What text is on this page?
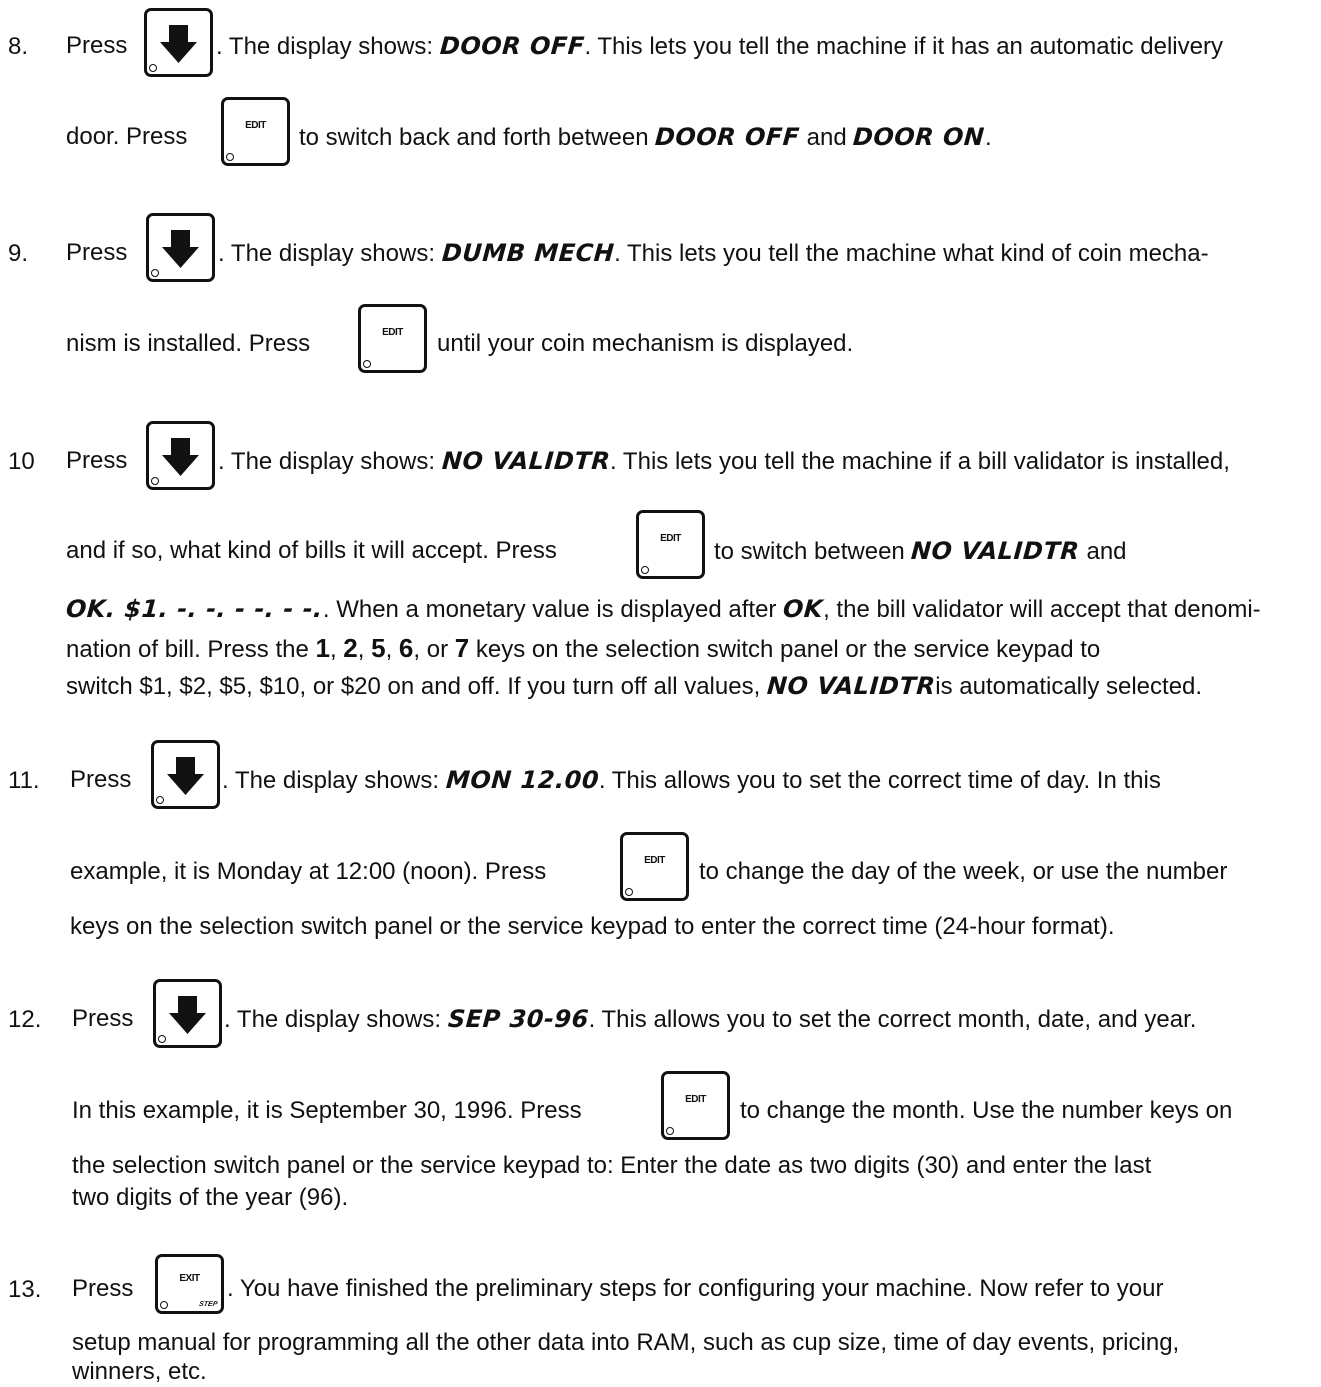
8. Press	. The display shows: DOOR OFF. This lets you tell the machine if it has an automatic delivery
door. Press	EDIT	to switch back and forth between DOOR OFF and DOOR ON.
9. Press	. The display shows: DUMB MECH. This lets you tell the machine what kind of coin mecha-
nism is installed. Press	EDIT	until your coin mechanism is displayed.
10 Press	. The display shows: NO VALIDTR. This lets you tell the machine if a bill validator is installed,
and if so, what kind of bills it will accept. Press	EDIT	to switch between NO VALIDTR and
OK. $1. -. -. - -. - -.. When a monetary value is displayed after OK, the bill validator will accept that denomi-
nation of bill. Press the 1, 2, 5, 6, or 7 keys on the selection switch panel or the service keypad to
switch $1, $2, $5, $10, or $20 on and off. If you turn off all values, NO VALIDTRis automatically selected.
11. Press	. The display shows: MON 12.00. This allows you to set the correct time of day. In this
example, it is Monday at 12:00 (noon). Press	EDIT	to change the day of the week, or use the number
keys on the selection switch panel or the service keypad to enter the correct time (24-hour format).
12. Press	. The display shows: SEP 30-96. This allows you to set the correct month, date, and year.
In this example, it is September 30, 1996. Press	EDIT	to change the month. Use the number keys on
the selection switch panel or the service keypad to: Enter the date as two digits (30) and enter the last
two digits of the year (96).
13. Press	EXIT
STEP
. You have finished the preliminary steps for configuring your machine. Now refer to your
setup manual for programming all the other data into RAM, such as cup size, time of day events, pricing,
winners, etc.
